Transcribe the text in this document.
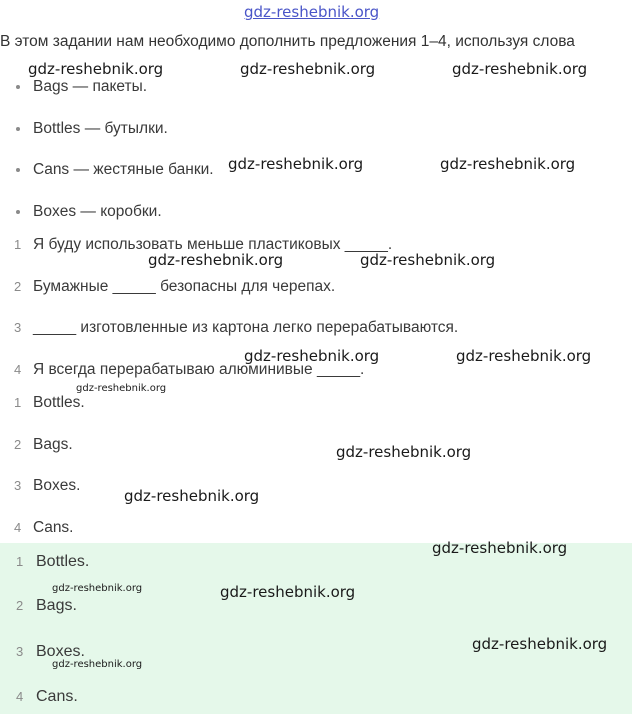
gdz-reshebnik.org
В этом задании нам необходимо дополнить предложения 1–4, используя слова
Bags — пакеты.
Bottles — бутылки.
Cans — жестяные банки.
Boxes — коробки.
1 Я буду использовать меньше пластиковых _____.
2 Бумажные _____ безопасны для черепах.
3 _____ изготовленные из картона легко перерабатываются.
4 Я всегда перерабатываю алюминивые _____.
1 Bottles.
2 Bags.
3 Boxes.
4 Cans.
1 Bottles.
2 Bags.
3 Boxes.
4 Cans.
gdz-reshebnik.org	gdz-reshebnik.org	gdz-reshebnik.org
gdz-reshebnik.org	gdz-reshebnik.org
gdz-reshebnik.org	gdz-reshebnik.org
gdz-reshebnik.org	gdz-reshebnik.org
gdz-reshebnik.org
gdz-reshebnik.org
gdz-reshebnik.org
gdz-reshebnik.org
gdz-reshebnik.org	gdz-reshebnik.org
gdz-reshebnik.org
gdz-reshebnik.org
